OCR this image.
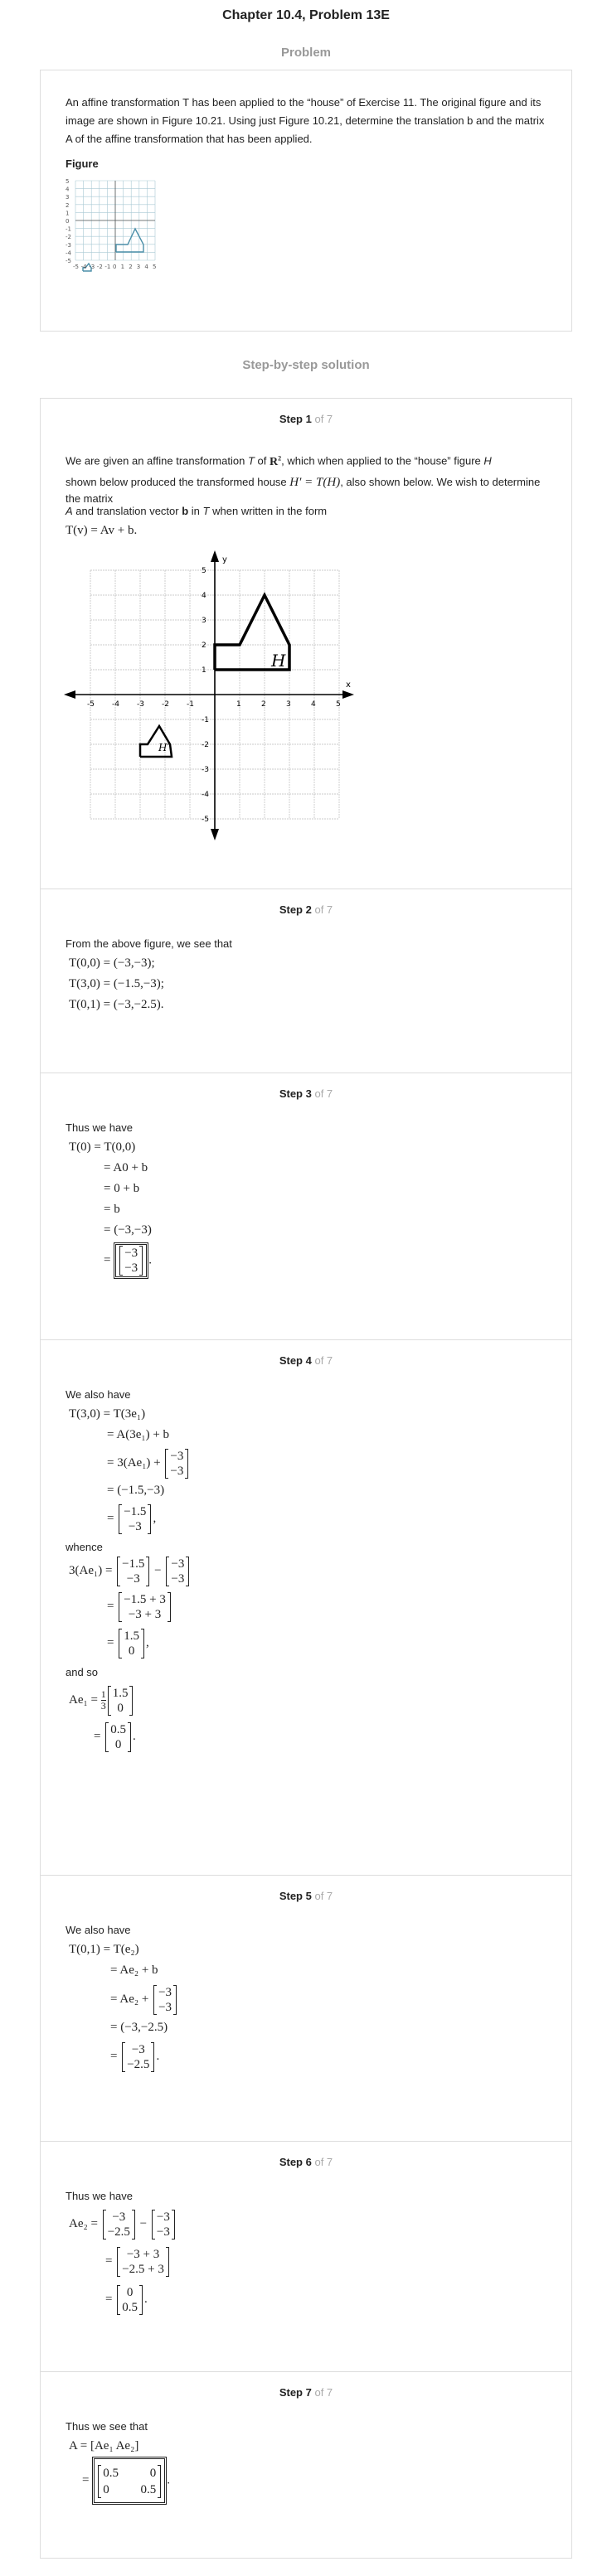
Chapter 10.4, Problem 13E
Problem

An affine transformation T has been applied to the “house” of Exercise 11. The original figure and its image are shown in Figure 10.21. Using just Figure 10.21, determine the translation b and the matrix A of the affine transformation that has been applied.

Figure
-5 -4 -3 -2 -1 0 1 2 3 4 5
5
4
3
2
1
0
-1
-2
-3
-4
-5
Step-by-step solution
Step 1 of 7

We are given an affine transformation T of $R^2$, which when applied to the “house” figure H

shown below produced the transformed house H′ = T(H), also shown below. We wish to determine the matrix

A and translation vector b in T when written in the form

T(v) = Av + b.
H
H′
x
y
-5 -4 -3 -2 -1	1	2	3	4	5
5
4
3
2
1
-1
-2
-3
-4
-5
Step 2 of 7

From the above figure, we see that

T(0,0) = (−3,−3);
T(3,0) = (−1.5,−3);
T(0,1) = (−3,−2.5).
Step 3 of 7

Thus we have

T(0) = T(0,0)
= A0 + b
= 0 + b
= b
= (−3,−3)
=
−3
−3
.
Step 4 of 7

We also have

T(3,0) = T(3e₁)
= A(3e₁) + b
= 3(Ae₁) +
−3
−3
= (−1.5,−3)
=
−1.5
−3
,

whence

3(Ae₁) =
−1.5
−3
−
−3
−3
=
−1.5 + 3
−3 + 3
=
1.5
0
,

and so

$Ae_1 = \frac{1}{3} 1.5$
0
=
0.5
0
.
Step 5 of 7

We also have

T(0,1) = T(e₂)
= Ae₂ + b
= Ae₂ +
−3
−3
= (−3,−2.5)
=
−3
−2.5
.
Step 6 of 7

Thus we have

Ae₂ =
−3
−2.5
−
−3
−3
=
−3 + 3
−2.5 + 3
=
0
0.5
.
Step 7 of 7

Thus we see that

A = [Ae₁ Ae₂]
=
0.5	0
0	0.5
.
